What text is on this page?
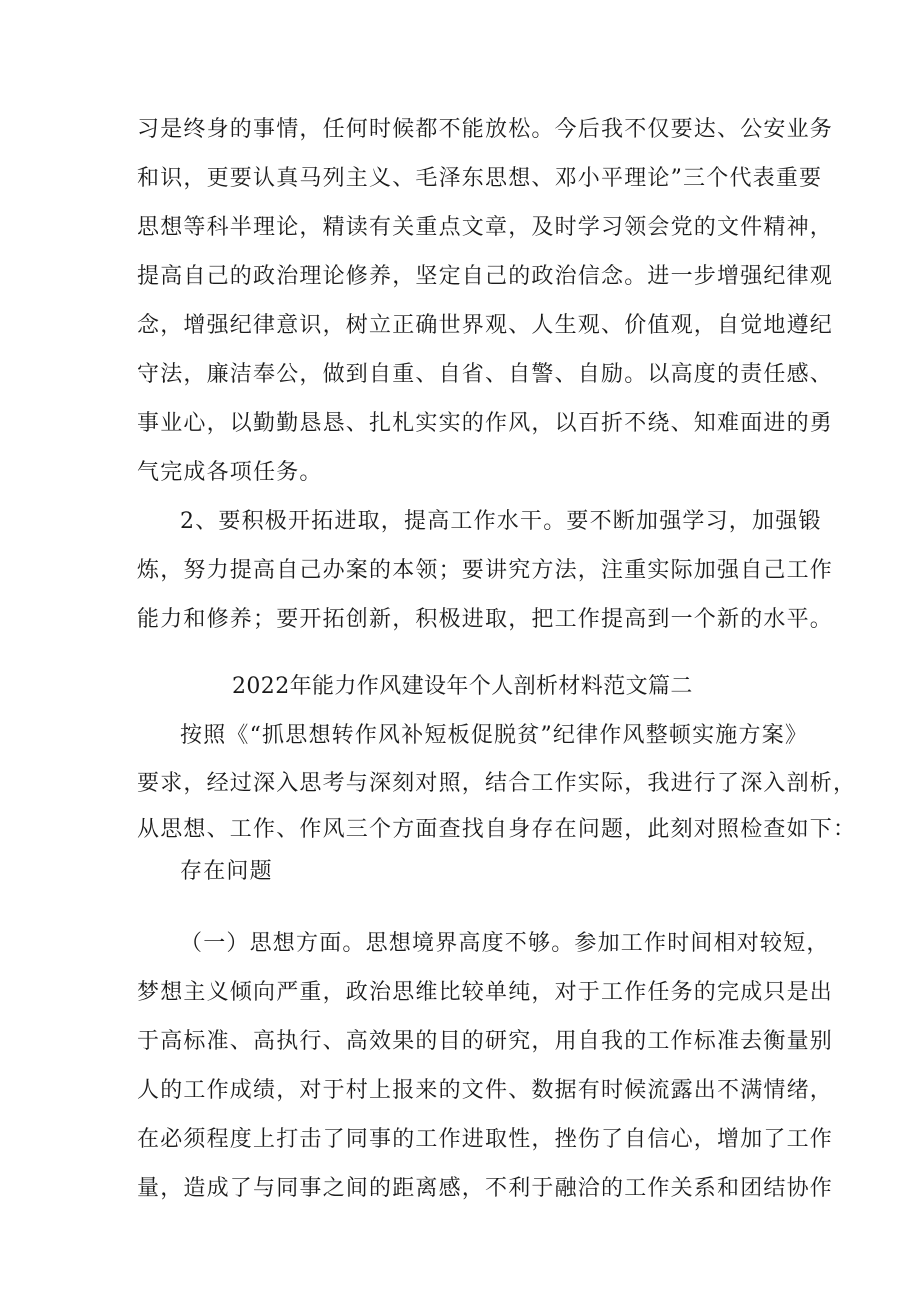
习是终身的事情，任何时候都不能放松。今后我不仅要达、公安业务
和识，更要认真马列主义、毛泽东思想、邓小平理论”三个代表重要
思想等科半理论，精读有关重点文章，及时学习领会党的文件精神，
提高自己的政治理论修养，坚定自己的政治信念。进一步增强纪律观
念，增强纪律意识，树立正确世界观、人生观、价值观，自觉地遵纪
守法，廉洁奉公，做到自重、自省、自警、自励。以高度的责任感、
事业心，以勤勤恳恳、扎札实实的作风，以百折不绕、知难面进的勇
气完成各项任务。
2、要积极开拓进取，提高工作水干。要不断加强学习，加强锻
炼，努力提高自己办案的本领；要讲究方法，注重实际加强自己工作
能力和修养；要开拓创新，积极进取，把工作提高到一个新的水平。
2022年能力作风建设年个人剖析材料范文篇二
按照《“抓思想转作风补短板促脱贫”纪律作风整顿实施方案》
要求，经过深入思考与深刻对照，结合工作实际，我进行了深入剖析，
从思想、工作、作风三个方面查找自身存在问题，此刻对照检查如下：
存在问题
（一）思想方面。思想境界高度不够。参加工作时间相对较短，
梦想主义倾向严重，政治思维比较单纯，对于工作任务的完成只是出
于高标准、高执行、高效果的目的研究，用自我的工作标准去衡量别
人的工作成绩，对于村上报来的文件、数据有时候流露出不满情绪，
在必须程度上打击了同事的工作进取性，挫伤了自信心，增加了工作
量，造成了与同事之间的距离感，不利于融洽的工作关系和团结协作
